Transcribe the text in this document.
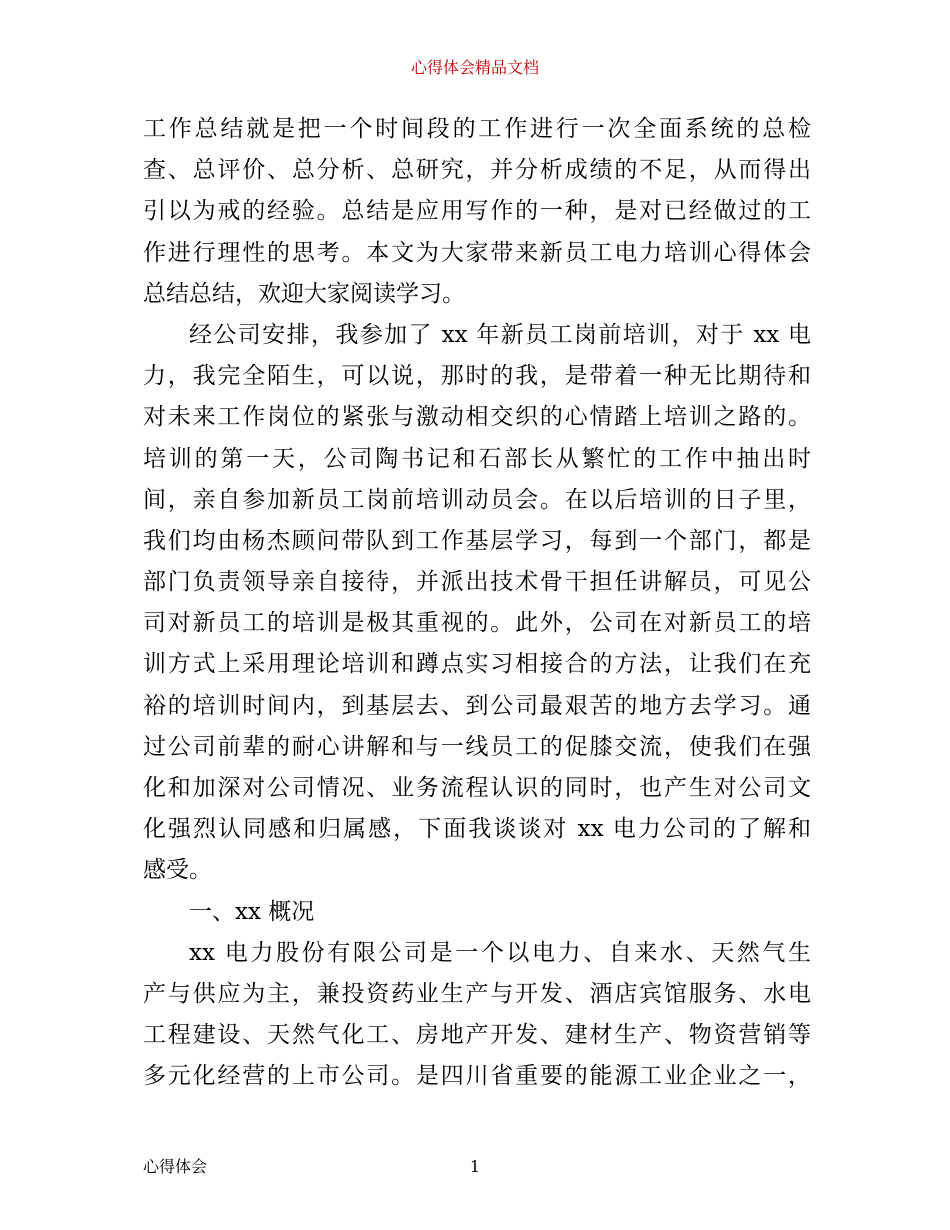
心得体会精品文档
工作总结就是把一个时间段的工作进行一次全面系统的总检
查、总评价、总分析、总研究，并分析成绩的不足，从而得出
引以为戒的经验。总结是应用写作的一种，是对已经做过的工
作进行理性的思考。本文为大家带来新员工电力培训心得体会
总结总结，欢迎大家阅读学习。
经公司安排，我参加了 xx 年新员工岗前培训，对于 xx 电
力，我完全陌生，可以说，那时的我，是带着一种无比期待和
对未来工作岗位的紧张与激动相交织的心情踏上培训之路的。
培训的第一天，公司陶书记和石部长从繁忙的工作中抽出时
间，亲自参加新员工岗前培训动员会。在以后培训的日子里，
我们均由杨杰顾问带队到工作基层学习，每到一个部门，都是
部门负责领导亲自接待，并派出技术骨干担任讲解员，可见公
司对新员工的培训是极其重视的。此外，公司在对新员工的培
训方式上采用理论培训和蹲点实习相接合的方法，让我们在充
裕的培训时间内，到基层去、到公司最艰苦的地方去学习。通
过公司前辈的耐心讲解和与一线员工的促膝交流，使我们在强
化和加深对公司情况、业务流程认识的同时，也产生对公司文
化强烈认同感和归属感，下面我谈谈对 xx 电力公司的了解和
感受。
一、xx 概况
xx 电力股份有限公司是一个以电力、自来水、天然气生
产与供应为主，兼投资药业生产与开发、酒店宾馆服务、水电
工程建设、天然气化工、房地产开发、建材生产、物资营销等
多元化经营的上市公司。是四川省重要的能源工业企业之一，
心得体会	1
